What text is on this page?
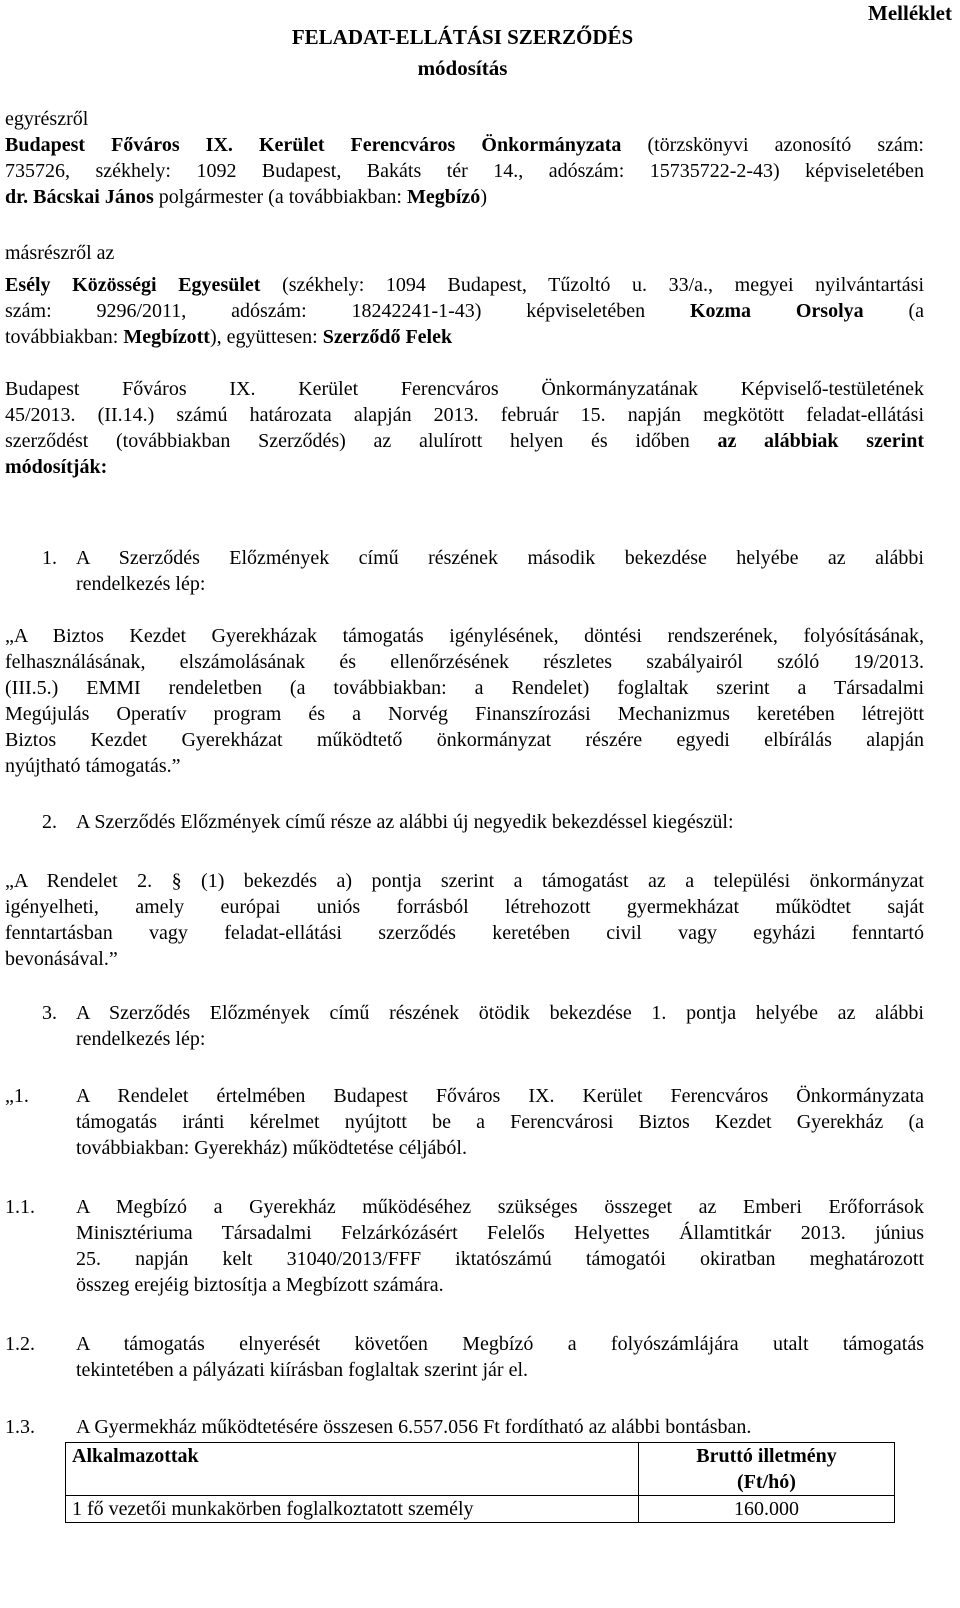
Melléklet
FELADAT-ELLÁTÁSI SZERZŐDÉS
módosítás
egyrészről
Budapest Főváros IX. Kerület Ferencváros Önkormányzata (törzskönyvi azonosító szám:
735726, székhely: 1092 Budapest, Bakáts tér 14., adószám: 15735722-2-43) képviseletében
dr. Bácskai János polgármester (a továbbiakban: Megbízó)
másrészről az
Esély Közösségi Egyesület (székhely: 1094 Budapest, Tűzoltó u. 33/a., megyei nyilvántartási
szám: 9296/2011, adószám: 18242241-1-43) képviseletében Kozma Orsolya (a
továbbiakban: Megbízott), együttesen: Szerződő Felek
Budapest Főváros IX. Kerület Ferencváros Önkormányzatának Képviselő-testületének
45/2013. (II.14.) számú határozata alapján 2013. február 15. napján megkötött feladat-ellátási
szerződést (továbbiakban Szerződés) az alulírott helyen és időben az alábbiak szerint
módosítják:
1. A Szerződés Előzmények című részének második bekezdése helyébe az alábbi
rendelkezés lép:
„A Biztos Kezdet Gyerekházak támogatás igénylésének, döntési rendszerének, folyósításának,
felhasználásának, elszámolásának és ellenőrzésének részletes szabályairól szóló 19/2013.
(III.5.) EMMI rendeletben (a továbbiakban: a Rendelet) foglaltak szerint a Társadalmi
Megújulás Operatív program és a Norvég Finanszírozási Mechanizmus keretében létrejött
Biztos Kezdet Gyerekházat működtető önkormányzat részére egyedi elbírálás alapján
nyújtható támogatás.”
2. A Szerződés Előzmények című része az alábbi új negyedik bekezdéssel kiegészül:
„A Rendelet 2. § (1) bekezdés a) pontja szerint a támogatást az a települési önkormányzat
igényelheti, amely európai uniós forrásból létrehozott gyermekházat működtet saját
fenntartásban vagy feladat-ellátási szerződés keretében civil vagy egyházi fenntartó
bevonásával.”
3. A Szerződés Előzmények című részének ötödik bekezdése 1. pontja helyébe az alábbi
rendelkezés lép:
„1. A Rendelet értelmében Budapest Főváros IX. Kerület Ferencváros Önkormányzata
támogatás iránti kérelmet nyújtott be a Ferencvárosi Biztos Kezdet Gyerekház (a
továbbiakban: Gyerekház) működtetése céljából.
1.1. A Megbízó a Gyerekház működéséhez szükséges összeget az Emberi Erőforrások
Minisztériuma Társadalmi Felzárkózásért Felelős Helyettes Államtitkár 2013. június
25. napján kelt 31040/2013/FFF iktatószámú támogatói okiratban meghatározott
összeg erejéig biztosítja a Megbízott számára.
1.2. A támogatás elnyerését követően Megbízó a folyószámlájára utalt támogatás
tekintetében a pályázati kiírásban foglaltak szerint jár el.
1.3. A Gyermekház működtetésére összesen 6.557.056 Ft fordítható az alábbi bontásban.
Alkalmazottak	Bruttó illetmény
(Ft/hó)

1 fő vezetői munkakörben foglalkoztatott személy	160.000
